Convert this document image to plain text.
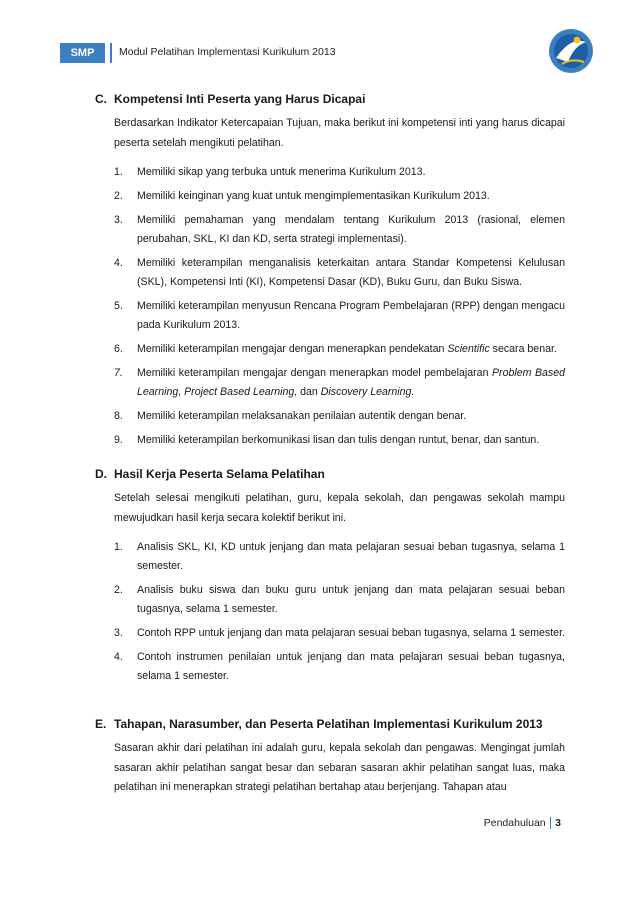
SMP	Modul Pelatihan Implementasi Kurikulum 2013
C. Kompetensi Inti Peserta yang Harus Dicapai
Berdasarkan Indikator Ketercapaian Tujuan, maka berikut ini kompetensi inti yang harus dicapai peserta setelah mengikuti pelatihan.
1. Memiliki sikap yang terbuka untuk menerima Kurikulum 2013.
2. Memiliki keinginan yang kuat untuk mengimplementasikan Kurikulum 2013.
3. Memiliki pemahaman yang mendalam tentang Kurikulum 2013 (rasional, elemen perubahan, SKL, KI dan KD, serta strategi implementasi).
4. Memiliki keterampilan menganalisis keterkaitan antara Standar Kompetensi Kelulusan (SKL), Kompetensi Inti (KI), Kompetensi Dasar (KD), Buku Guru, dan Buku Siswa.
5. Memiliki keterampilan menyusun Rencana Program Pembelajaran (RPP) dengan mengacu pada Kurikulum 2013.
6. Memiliki keterampilan mengajar dengan menerapkan pendekatan Scientific secara benar.
7. Memiliki keterampilan mengajar dengan menerapkan model pembelajaran Problem Based Learning, Project Based Learning, dan Discovery Learning.
8. Memiliki keterampilan melaksanakan penilaian autentik dengan benar.
9. Memiliki keterampilan berkomunikasi lisan dan tulis dengan runtut, benar, dan santun.
D. Hasil Kerja Peserta Selama Pelatihan
Setelah selesai mengikuti pelatihan, guru, kepala sekolah, dan pengawas sekolah mampu mewujudkan hasil kerja secara kolektif berikut ini.
1. Analisis SKL, KI, KD untuk jenjang dan mata pelajaran sesuai beban tugasnya, selama 1 semester.
2. Analisis buku siswa dan buku guru untuk jenjang dan mata pelajaran sesuai beban tugasnya, selama 1 semester.
3. Contoh RPP untuk jenjang dan mata pelajaran sesuai beban tugasnya, selama 1 semester.
4. Contoh instrumen penilaian untuk jenjang dan mata pelajaran sesuai beban tugasnya, selama 1 semester.
E. Tahapan, Narasumber, dan Peserta Pelatihan Implementasi Kurikulum 2013
Sasaran akhir dari pelatihan ini adalah guru, kepala sekolah dan pengawas. Mengingat jumlah sasaran akhir pelatihan sangat besar dan sebaran sasaran akhir pelatihan sangat luas, maka pelatihan ini menerapkan strategi pelatihan bertahap atau berjenjang. Tahapan atau
Pendahuluan 3
